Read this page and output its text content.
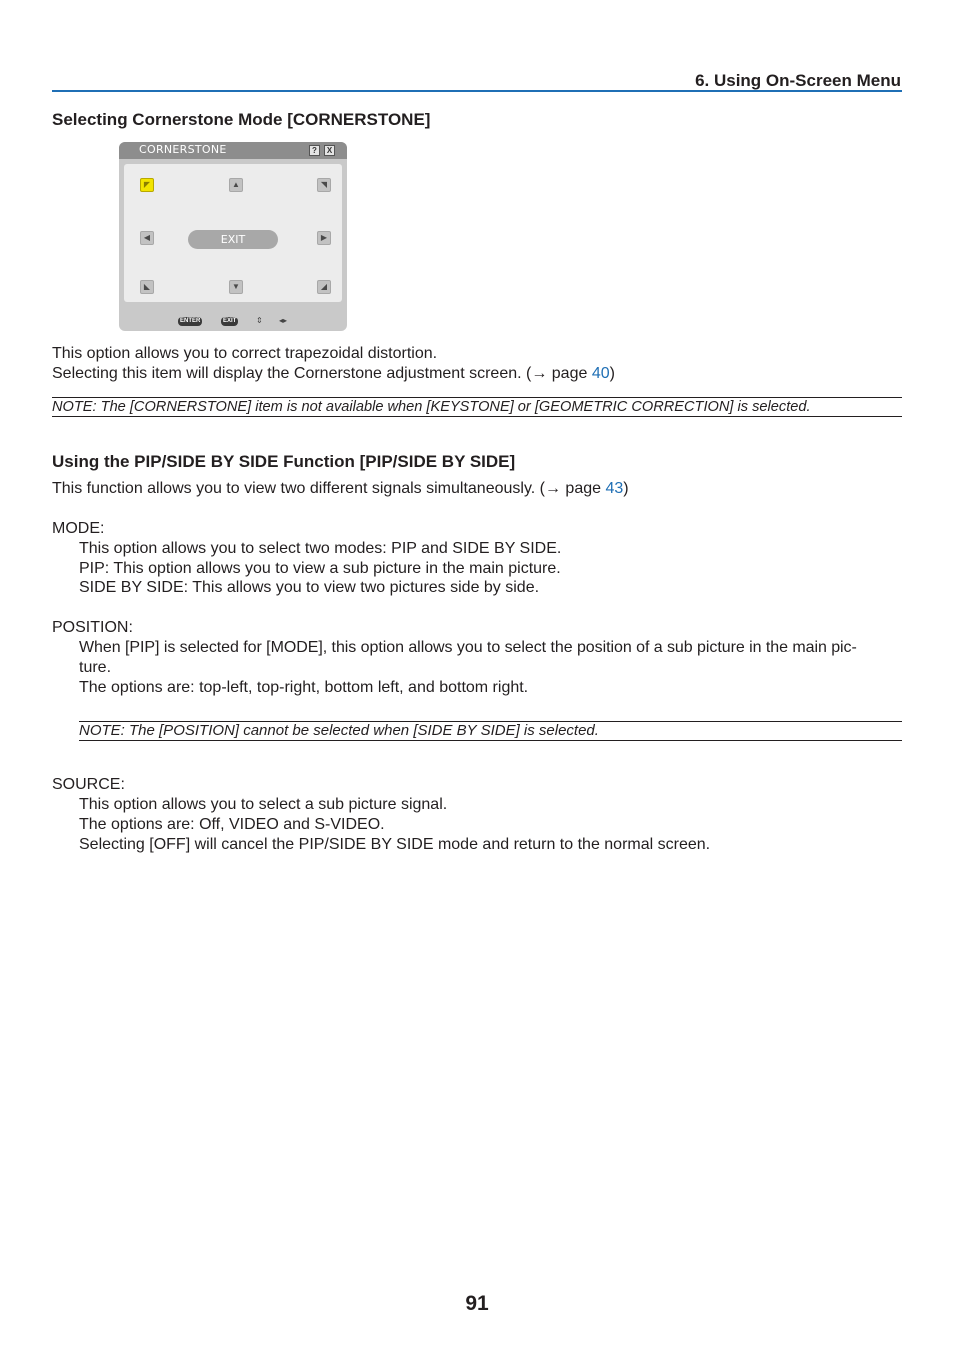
6. Using On-Screen Menu
Selecting Cornerstone Mode [CORNERSTONE]
CORNERSTONE	?	X
◤	▲	◥
◀	EXIT	▶
◣	▼	◢
ENTER	EXIT ⇕ ◂▸
This option allows you to correct trapezoidal distortion.
Selecting this item will display the Cornerstone adjustment screen. (→ page 40)
NOTE: The [CORNERSTONE] item is not available when [KEYSTONE] or [GEOMETRIC CORRECTION] is selected.
Using the PIP/SIDE BY SIDE Function [PIP/SIDE BY SIDE]
This function allows you to view two different signals simultaneously. (→ page 43)
MODE:
This option allows you to select two modes: PIP and SIDE BY SIDE.
PIP: This option allows you to view a sub picture in the main picture.
SIDE BY SIDE: This allows you to view two pictures side by side.
POSITION:
When [PIP] is selected for [MODE], this option allows you to select the position of a sub picture in the main pic-
ture.
The options are: top-left, top-right, bottom left, and bottom right.
NOTE: The [POSITION] cannot be selected when [SIDE BY SIDE] is selected.
SOURCE:
This option allows you to select a sub picture signal.
The options are: Off, VIDEO and S-VIDEO.
Selecting [OFF] will cancel the PIP/SIDE BY SIDE mode and return to the normal screen.
91
